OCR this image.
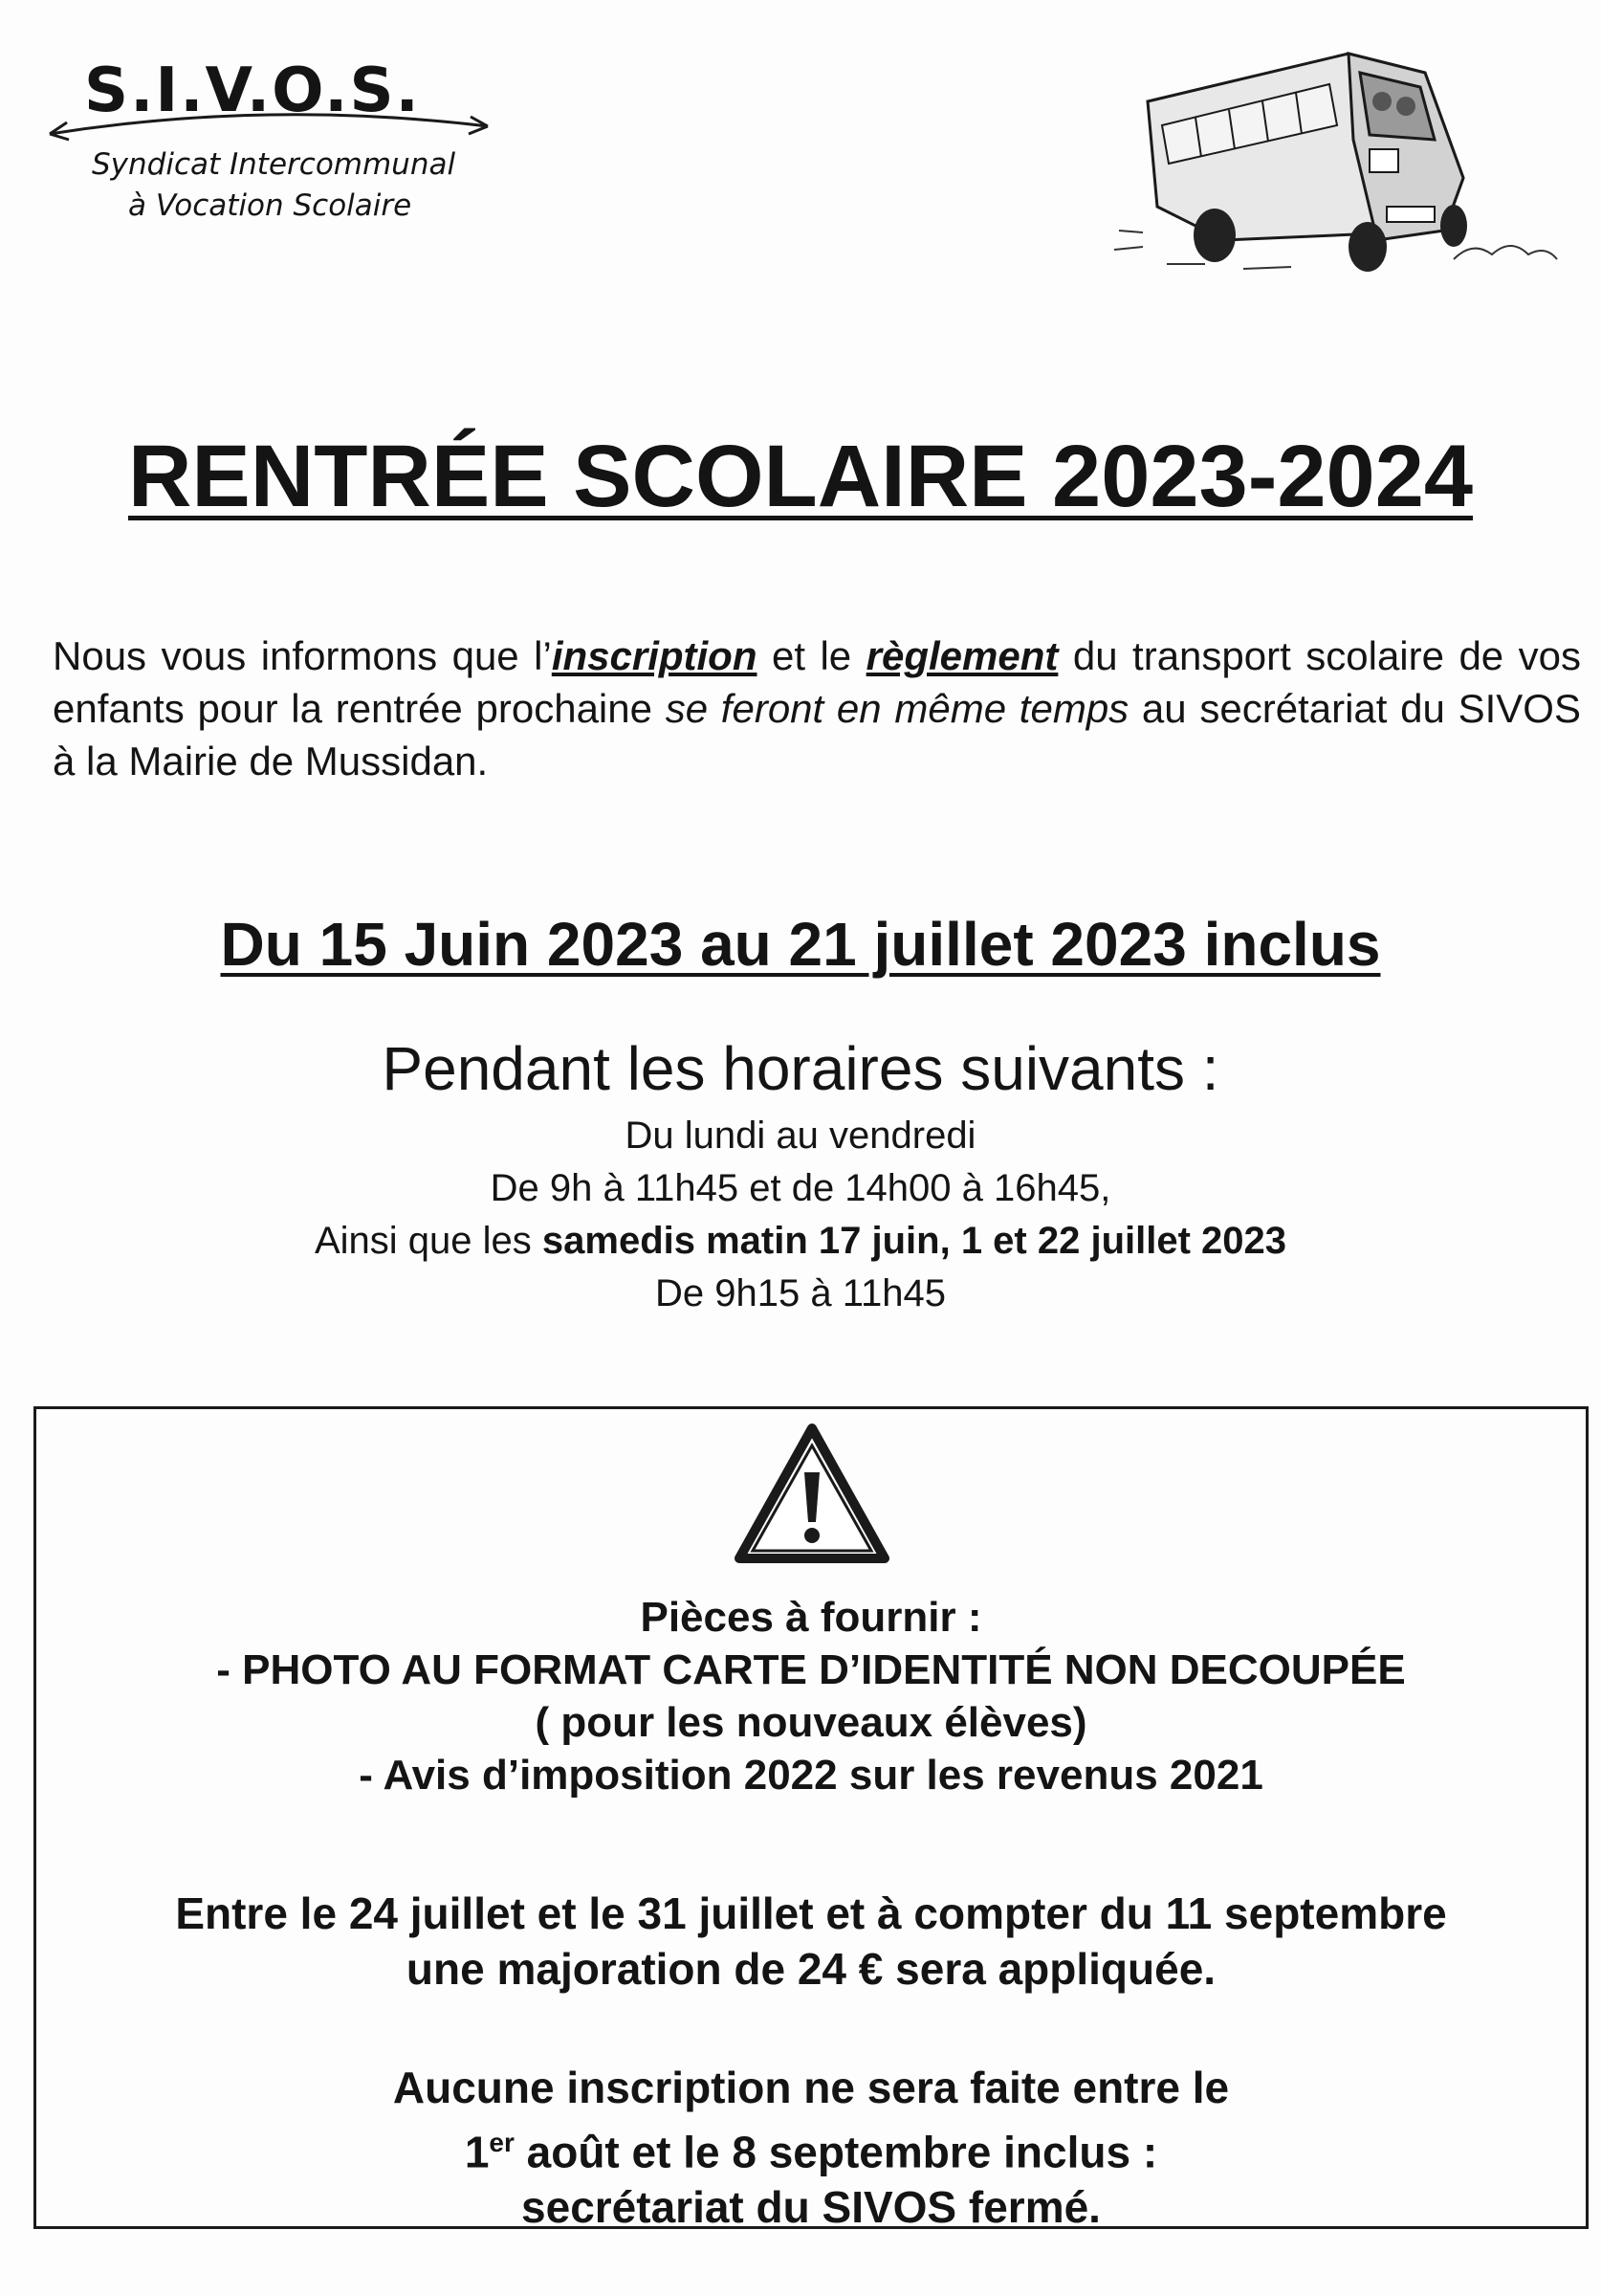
S.I.V.O.S.
Syndicat Intercommunal
à Vocation Scolaire
RENTRÉE SCOLAIRE 2023-2024
Nous vous informons que l’inscription et le règlement du transport scolaire de vos enfants pour la rentrée prochaine se feront en même temps au secrétariat du SIVOS à la Mairie de Mussidan.
Du 15 Juin 2023 au 21 juillet 2023 inclus
Pendant les horaires suivants :
Du lundi au vendredi
De 9h à 11h45 et de 14h00 à 16h45,
Ainsi que les samedis matin 17 juin, 1 et 22 juillet 2023
De 9h15 à 11h45
Pièces à fournir :
- PHOTO AU FORMAT CARTE D’IDENTITÉ NON DECOUPÉE
( pour les nouveaux élèves)
- Avis d’imposition 2022 sur les revenus 2021
Entre le 24 juillet et le 31 juillet et à compter du 11 septembre
une majoration de 24 € sera appliquée.
Aucune inscription ne sera faite entre le
1er août et le 8 septembre inclus :
secrétariat du SIVOS fermé.
